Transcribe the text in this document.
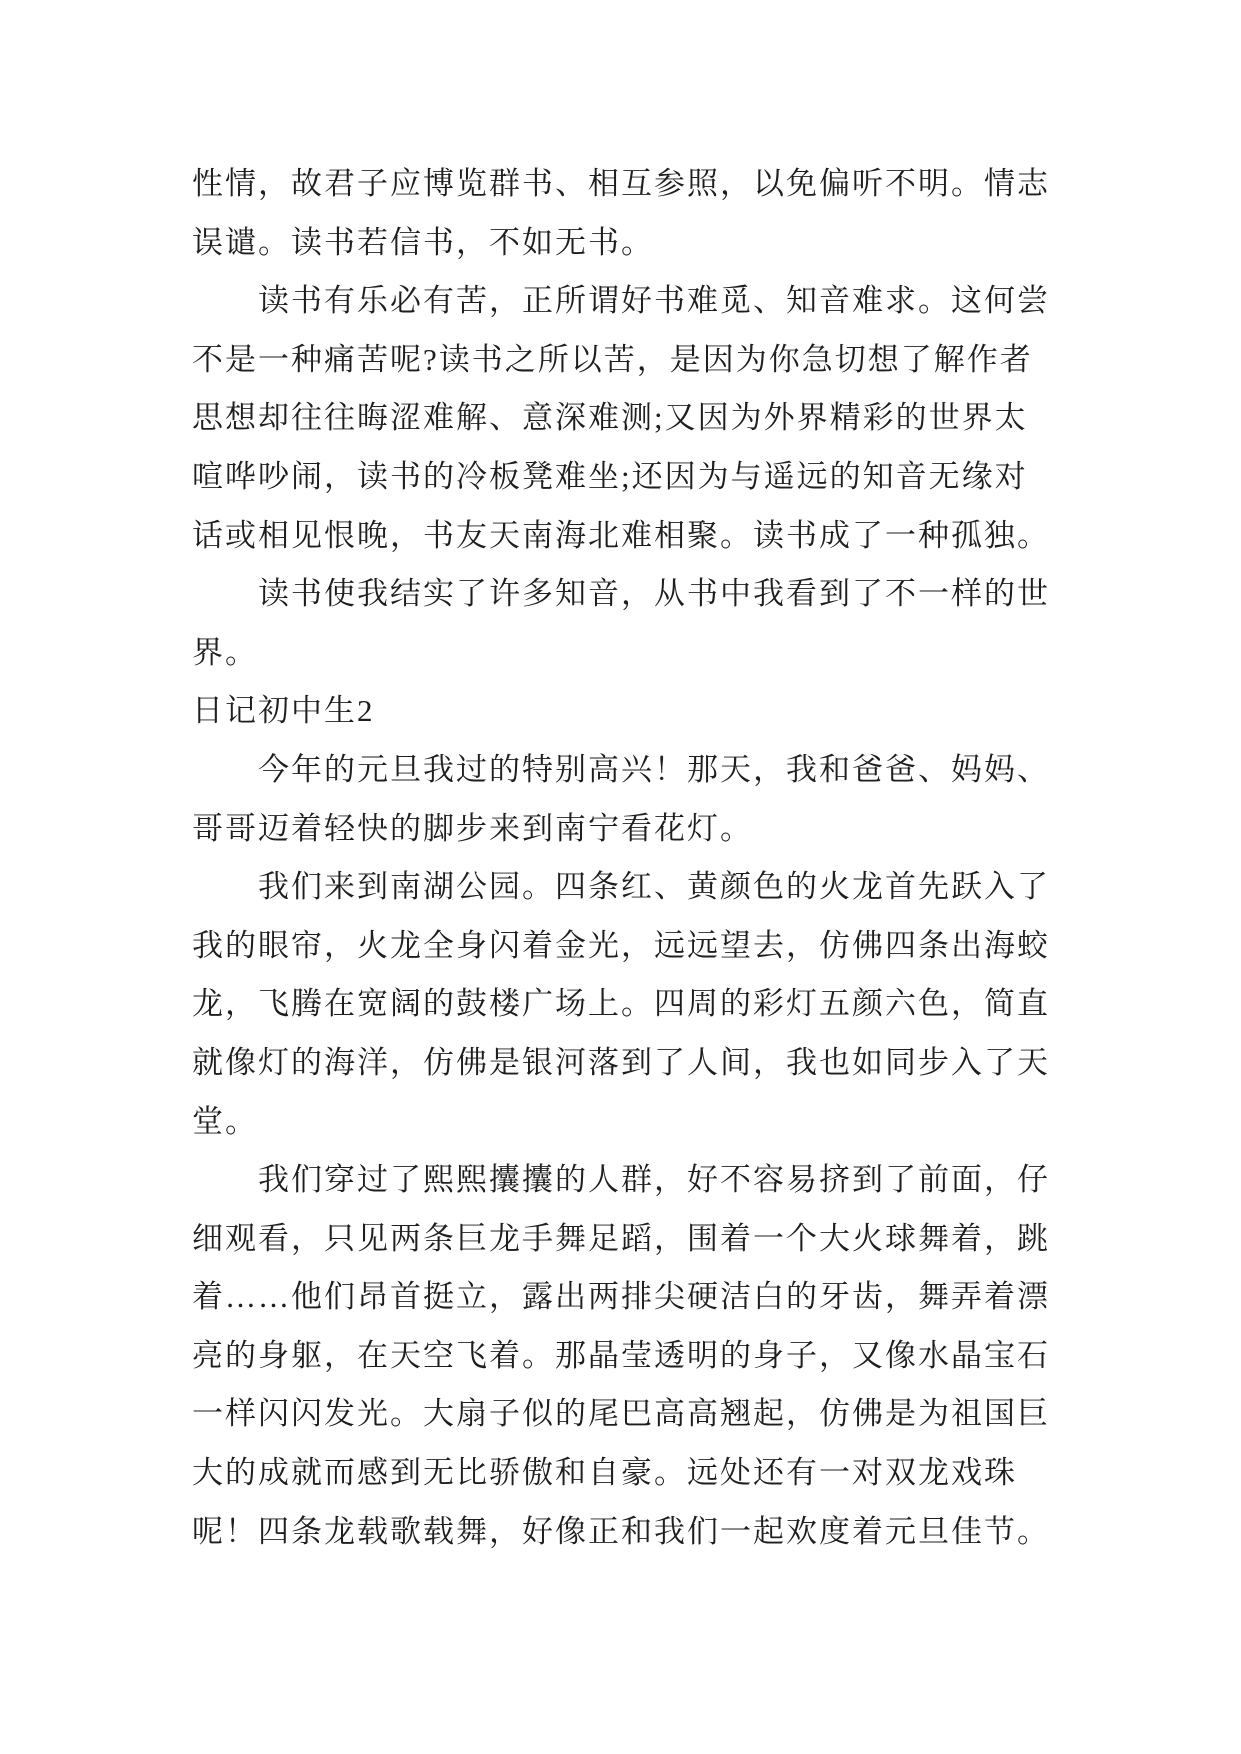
性情，故君子应博览群书、相互参照，以免偏听不明。情志
误谴。读书若信书，不如无书。
读书有乐必有苦，正所谓好书难觅、知音难求。这何尝
不是一种痛苦呢?读书之所以苦，是因为你急切想了解作者
思想却往往晦涩难解、意深难测;又因为外界精彩的世界太
喧哗吵闹，读书的冷板凳难坐;还因为与遥远的知音无缘对
话或相见恨晚，书友天南海北难相聚。读书成了一种孤独。
读书使我结实了许多知音，从书中我看到了不一样的世
界。
日记初中生2
今年的元旦我过的特别高兴！那天，我和爸爸、妈妈、
哥哥迈着轻快的脚步来到南宁看花灯。
我们来到南湖公园。四条红、黄颜色的火龙首先跃入了
我的眼帘，火龙全身闪着金光，远远望去，仿佛四条出海蛟
龙，飞腾在宽阔的鼓楼广场上。四周的彩灯五颜六色，简直
就像灯的海洋，仿佛是银河落到了人间，我也如同步入了天
堂。
我们穿过了熙熙攮攮的人群，好不容易挤到了前面，仔
细观看，只见两条巨龙手舞足蹈，围着一个大火球舞着，跳
着……他们昂首挺立，露出两排尖硬洁白的牙齿，舞弄着漂
亮的身躯，在天空飞着。那晶莹透明的身子，又像水晶宝石
一样闪闪发光。大扇子似的尾巴高高翘起，仿佛是为祖国巨
大的成就而感到无比骄傲和自豪。远处还有一对双龙戏珠
呢！四条龙载歌载舞，好像正和我们一起欢度着元旦佳节。
